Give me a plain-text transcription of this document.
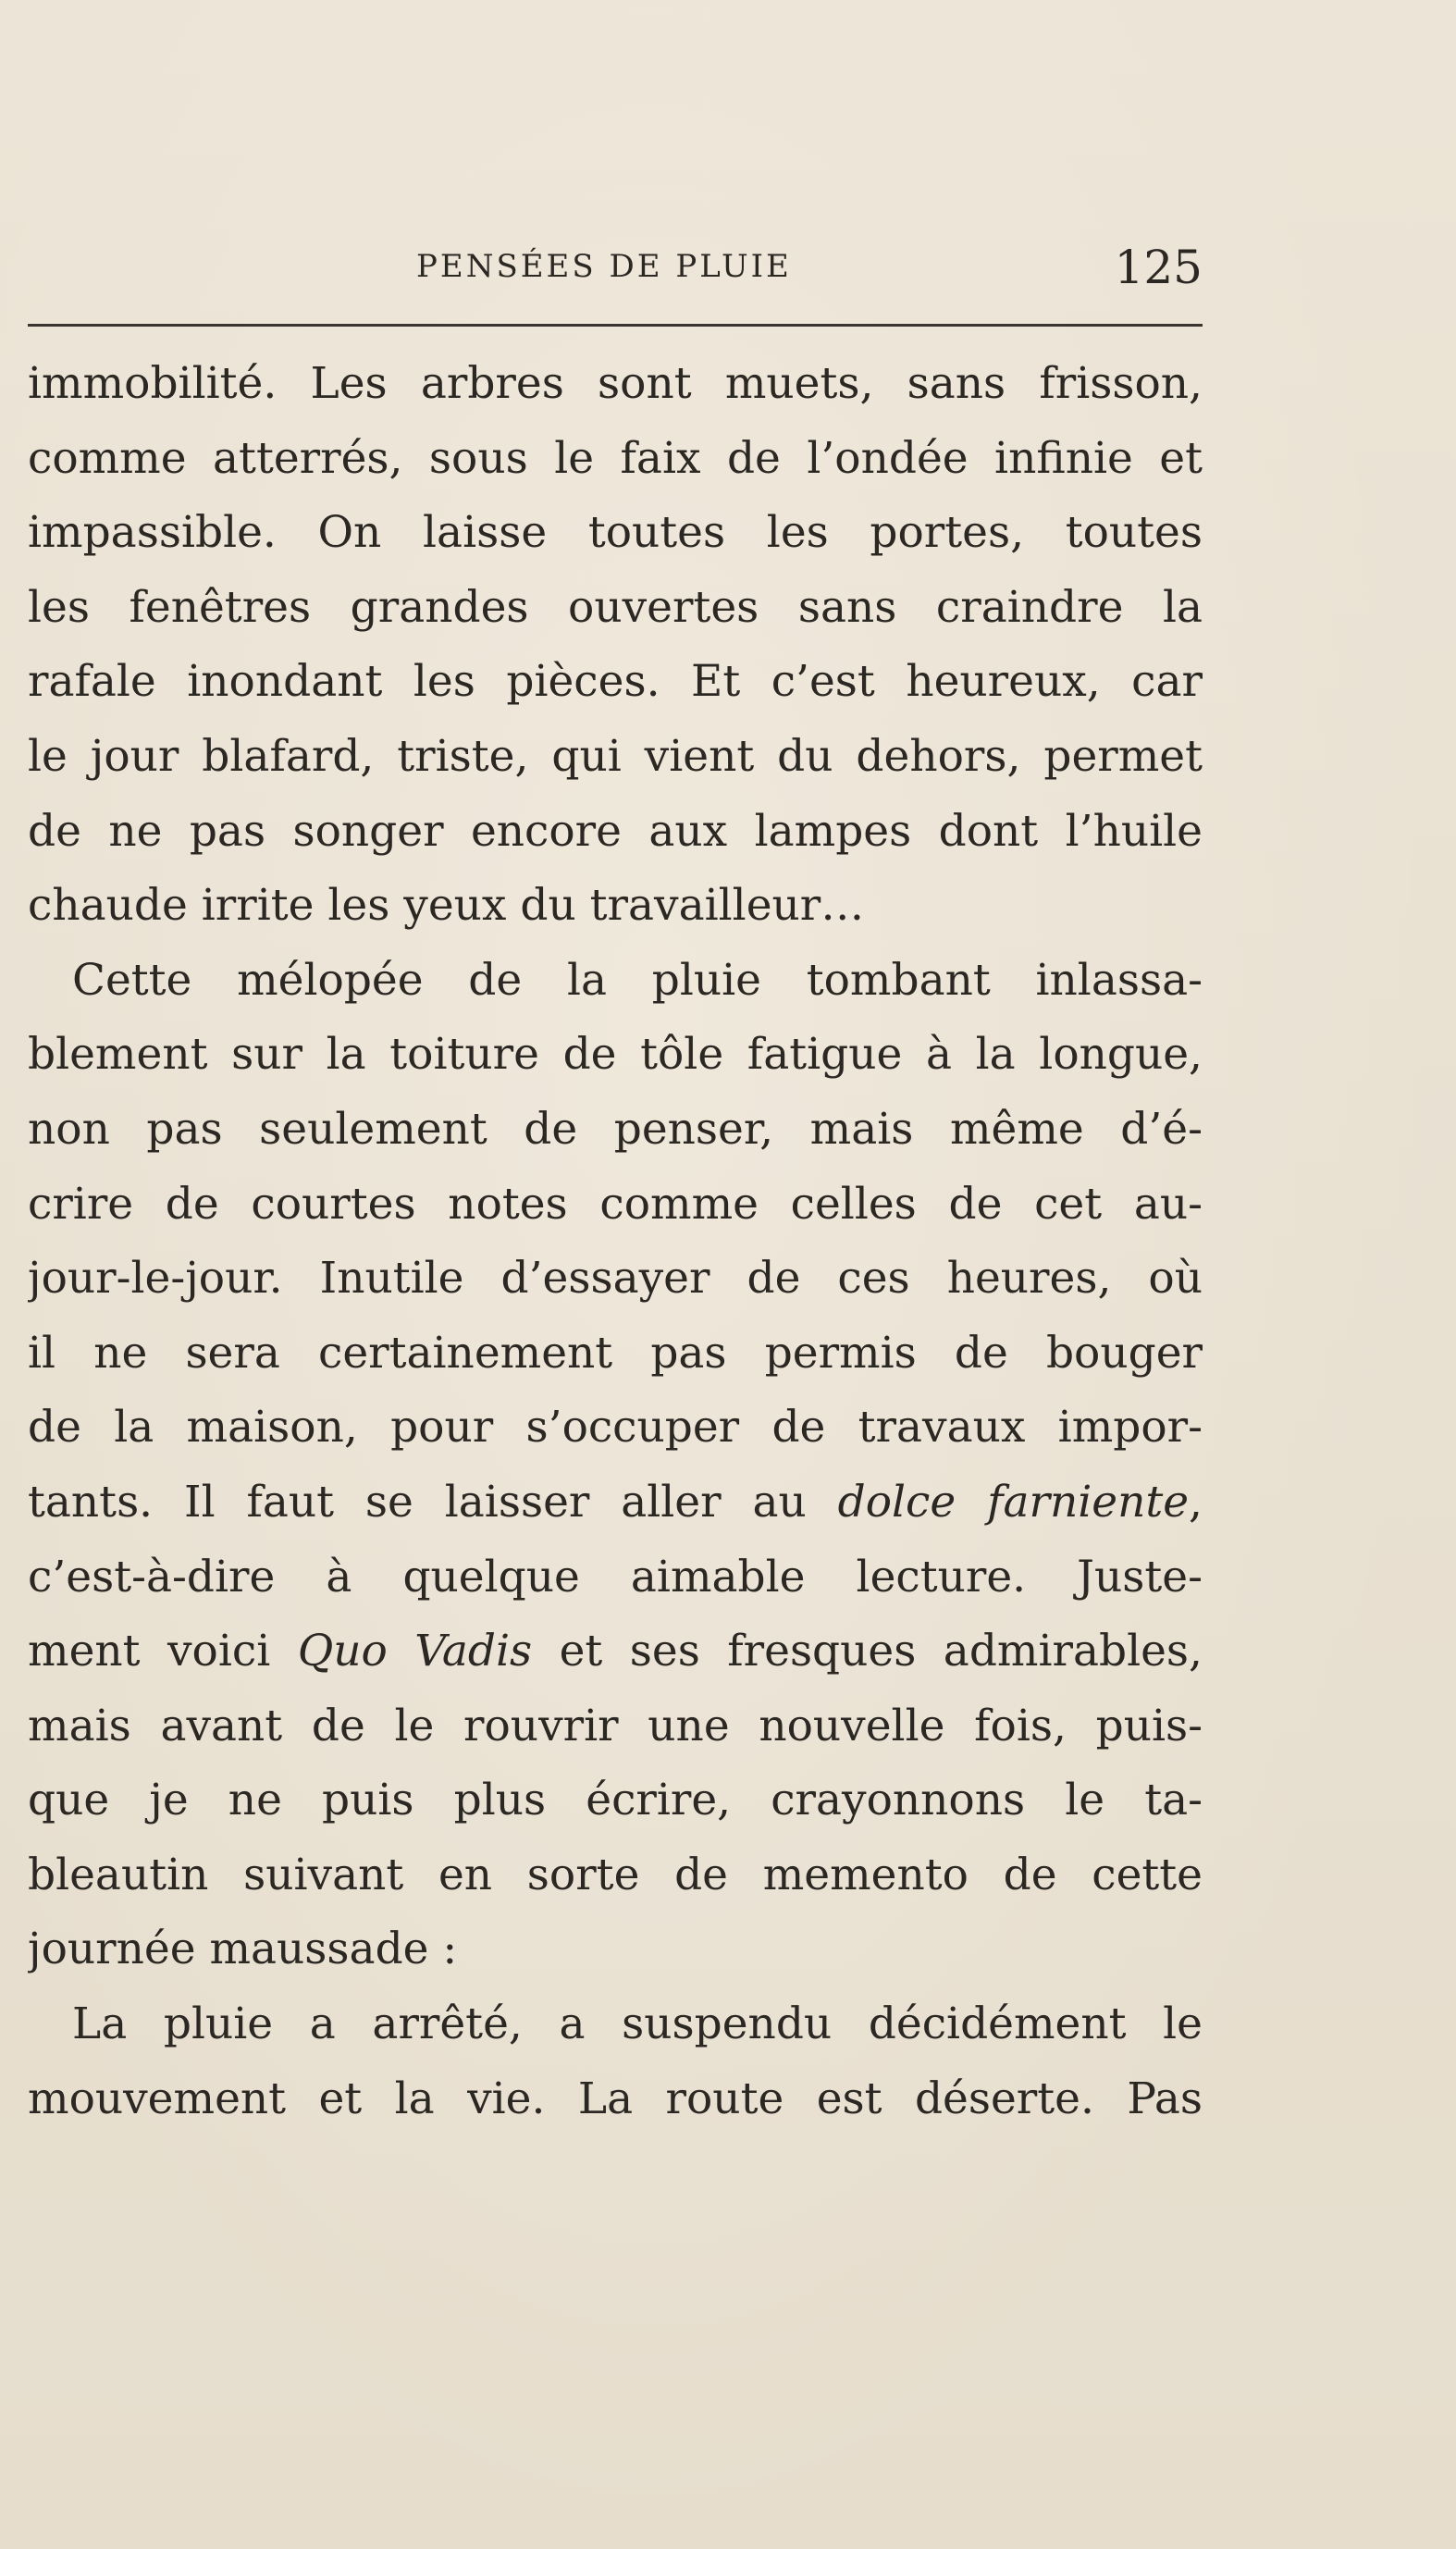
PENSÉES DE PLUIE	125
immobilité. Les arbres sont muets, sans frisson,
comme atterrés, sous le faix de l’ondée infinie et
impassible. On laisse toutes les portes, toutes
les fenêtres grandes ouvertes sans craindre la
rafale inondant les pièces. Et c’est heureux, car
le jour blafard, triste, qui vient du dehors, permet
de ne pas songer encore aux lampes dont l’huile
chaude irrite les yeux du travailleur…
Cette mélopée de la pluie tombant inlassa-
blement sur la toiture de tôle fatigue à la longue,
non pas seulement de penser, mais même d’é-
crire de courtes notes comme celles de cet au-
jour-le-jour. Inutile d’essayer de ces heures, où
il ne sera certainement pas permis de bouger
de la maison, pour s’occuper de travaux impor-
tants. Il faut se laisser aller au dolce farniente,
c’est-à-dire à quelque aimable lecture. Juste-
ment voici Quo Vadis et ses fresques admirables,
mais avant de le rouvrir une nouvelle fois, puis-
que je ne puis plus écrire, crayonnons le ta-
bleautin suivant en sorte de memento de cette
journée maussade :
La pluie a arrêté, a suspendu décidément le
mouvement et la vie. La route est déserte. Pas
